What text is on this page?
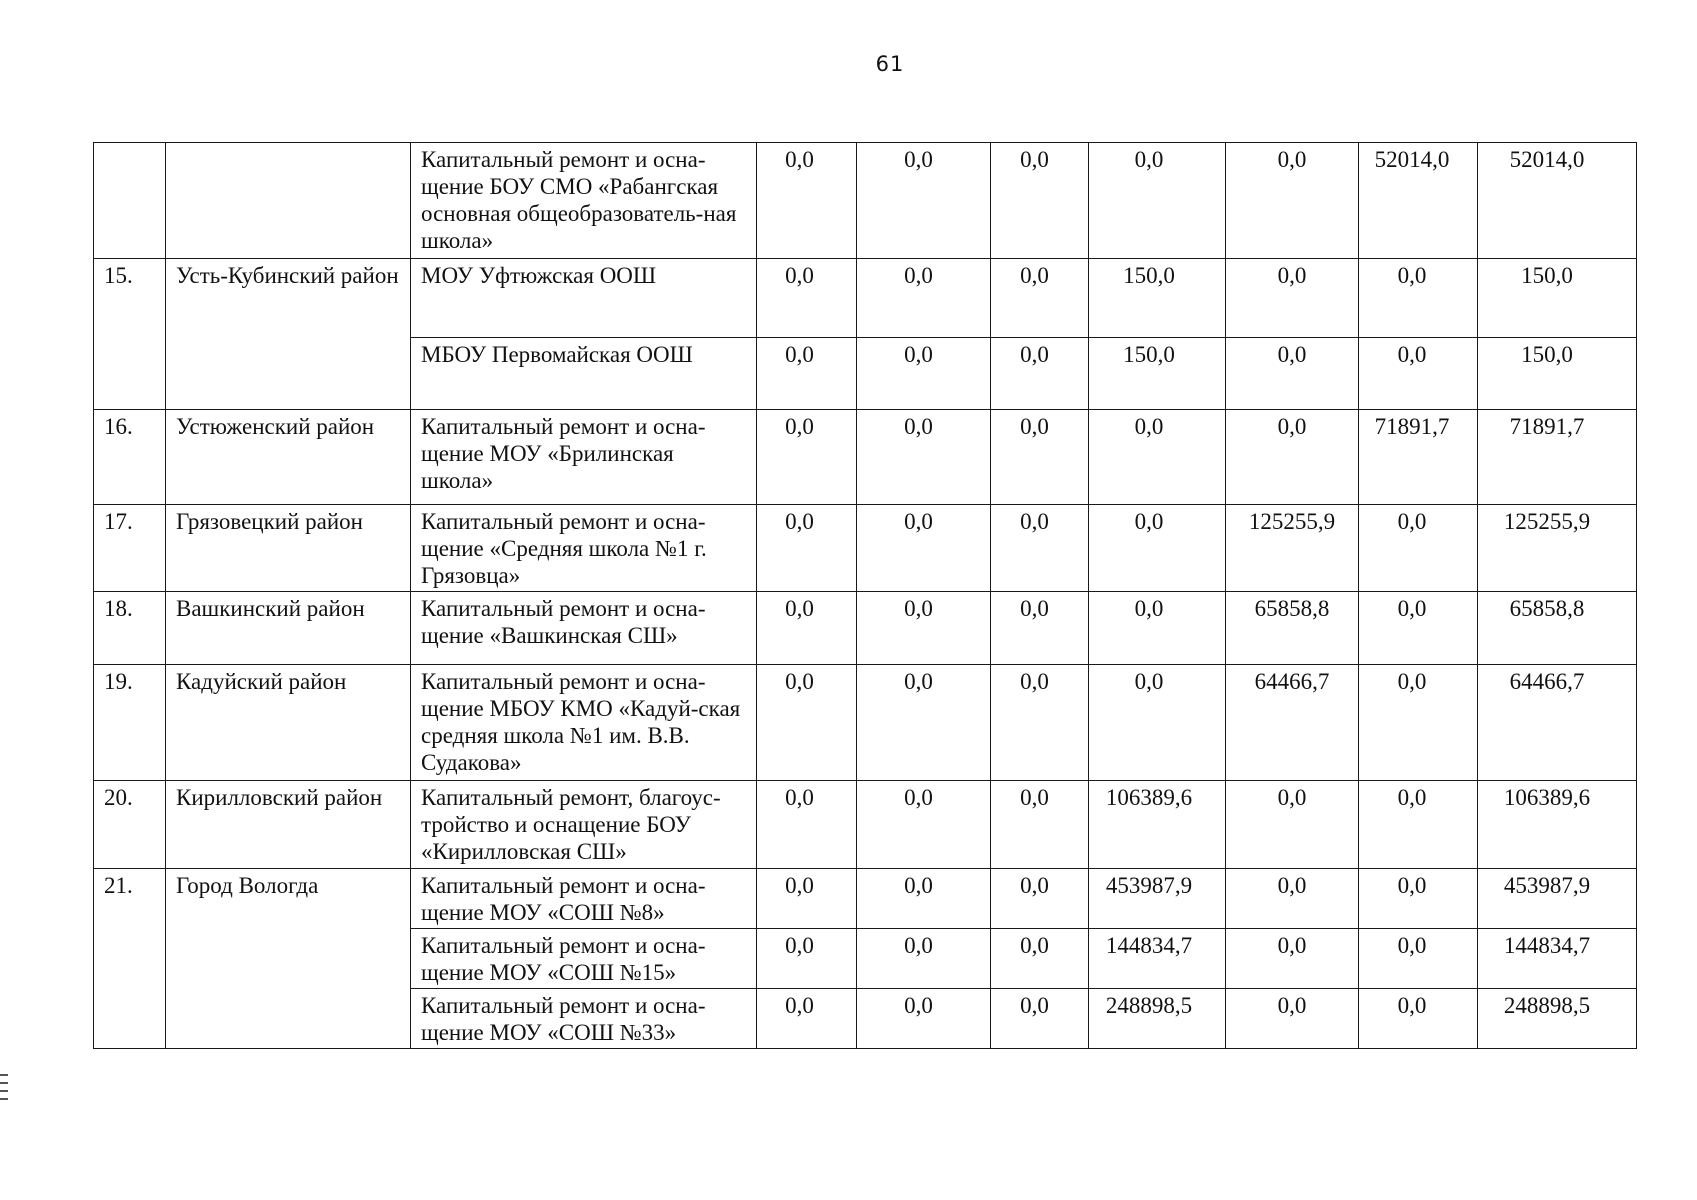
61
		Капитальный ремонт и осна-щение БОУ СМО «Рабангская основная общеобразователь-ная школа»	0,0	0,0	0,0	0,0	0,0	52014,0	52014,0
15.	Усть-Кубинский район	МОУ Уфтюжская ООШ	0,0	0,0	0,0	150,0	0,0	0,0	150,0
		МБОУ Первомайская ООШ	0,0	0,0	0,0	150,0	0,0	0,0	150,0
16.	Устюженский район	Капитальный ремонт и осна-щение МОУ «Брилинская школа»	0,0	0,0	0,0	0,0	0,0	71891,7	71891,7
17.	Грязовецкий район	Капитальный ремонт и осна-щение «Средняя школа №1 г. Грязовца»	0,0	0,0	0,0	0,0	125255,9	0,0	125255,9
18.	Вашкинский район	Капитальный ремонт и осна-щение «Вашкинская СШ»	0,0	0,0	0,0	0,0	65858,8	0,0	65858,8
19.	Кадуйский район	Капитальный ремонт и осна-щение МБОУ КМО «Кадуй-ская средняя школа №1 им. В.В. Судакова»	0,0	0,0	0,0	0,0	64466,7	0,0	64466,7
20.	Кирилловский район	Капитальный ремонт, благоус-тройство и оснащение БОУ «Кирилловская СШ»	0,0	0,0	0,0	106389,6	0,0	0,0	106389,6
21.	Город Вологда	Капитальный ремонт и осна-щение МОУ «СОШ №8»	0,0	0,0	0,0	453987,9	0,0	0,0	453987,9
		Капитальный ремонт и осна-щение МОУ «СОШ №15»	0,0	0,0	0,0	144834,7	0,0	0,0	144834,7
		Капитальный ремонт и осна-щение МОУ «СОШ №33»	0,0	0,0	0,0	248898,5	0,0	0,0	248898,5
